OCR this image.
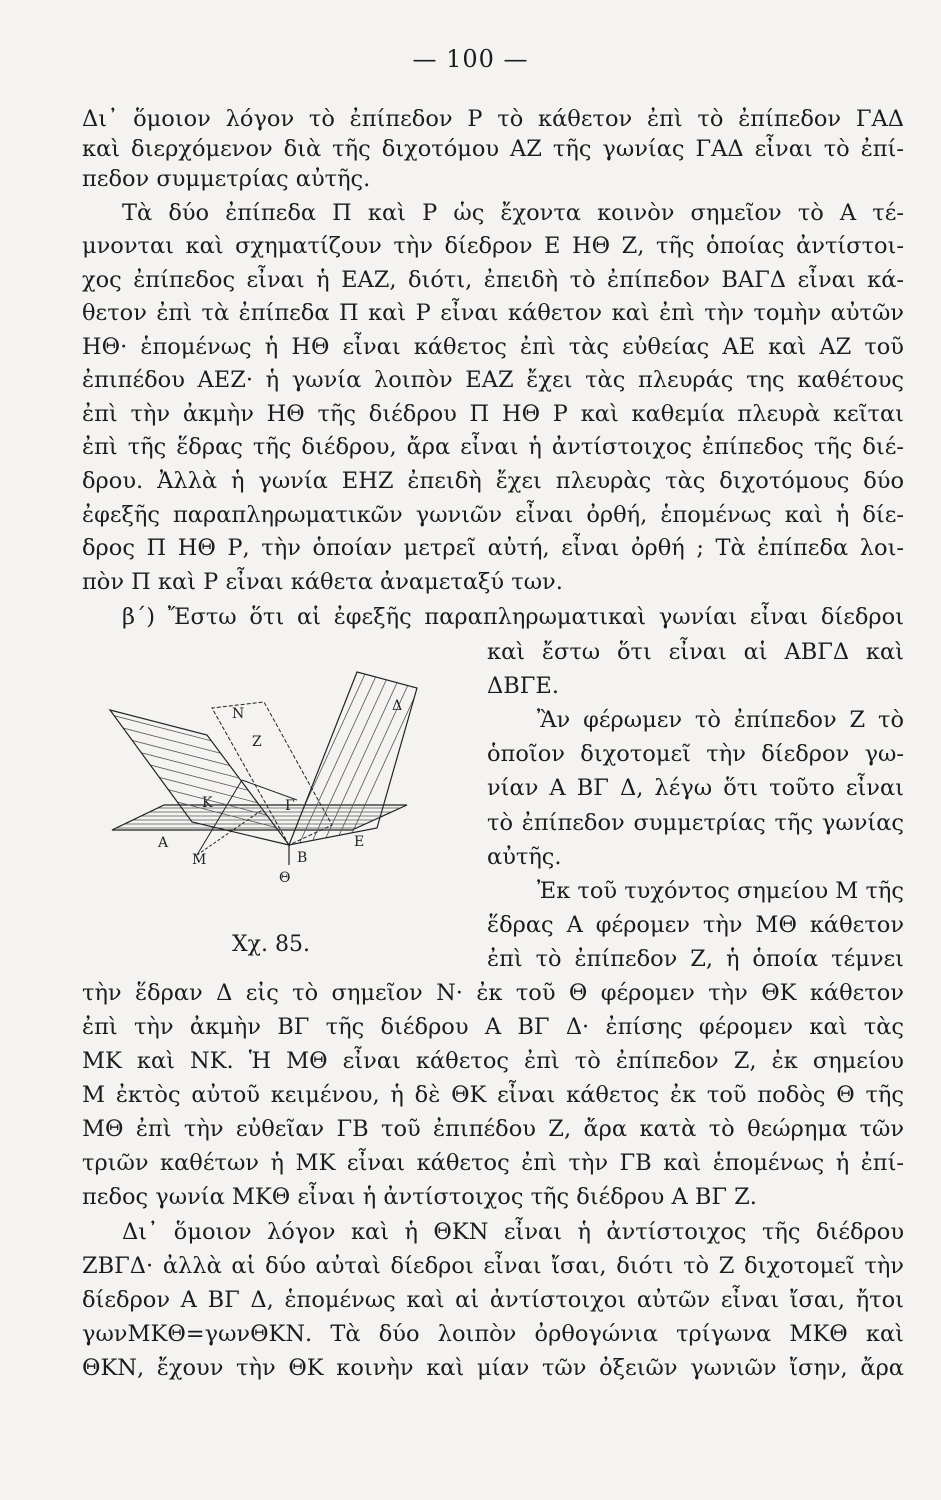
— 100 —
Δι᾿ ὅμοιον λόγον τὸ ἐπίπεδον Ρ τὸ κάθετον ἐπὶ τὸ ἐπίπεδον ΓΑΔ
καὶ διερχόμενον διὰ τῆς διχοτόμου ΑΖ τῆς γωνίας ΓΑΔ εἶναι τὸ ἐπί-
πεδον συμμετρίας αὐτῆς.
Τὰ δύο ἐπίπεδα Π καὶ Ρ ὡς ἔχοντα κοινὸν σημεῖον τὸ Α τέ-
μνονται καὶ σχηματίζουν τὴν δίεδρον Ε ΗΘ Ζ, τῆς ὁποίας ἀντίστοι-
χος ἐπίπεδος εἶναι ἡ ΕΑΖ, διότι, ἐπειδὴ τὸ ἐπίπεδον ΒΑΓΔ εἶναι κά-
θετον ἐπὶ τὰ ἐπίπεδα Π καὶ Ρ εἶναι κάθετον καὶ ἐπὶ τὴν τομὴν αὐτῶν
ΗΘ· ἑπομένως ἡ ΗΘ εἶναι κάθετος ἐπὶ τὰς εὐθείας ΑΕ καὶ ΑΖ τοῦ
ἐπιπέδου ΑΕΖ· ἡ γωνία λοιπὸν ΕΑΖ ἔχει τὰς πλευράς της καθέτους
ἐπὶ τὴν ἀκμὴν ΗΘ τῆς διέδρου Π ΗΘ Ρ καὶ καθεμία πλευρὰ κεῖται
ἐπὶ τῆς ἕδρας τῆς διέδρου, ἄρα εἶναι ἡ ἀντίστοιχος ἐπίπεδος τῆς διέ-
δρου. Ἀλλὰ ἡ γωνία ΕΗΖ ἐπειδὴ ἔχει πλευρὰς τὰς διχοτόμους δύο
ἐφεξῆς παραπληρωματικῶν γωνιῶν εἶναι ὀρθή, ἑπομένως καὶ ἡ δίε-
δρος Π ΗΘ Ρ, τὴν ὁποίαν μετρεῖ αὐτή, εἶναι ὀρθή ; Τὰ ἐπίπεδα λοι-
πὸν Π καὶ Ρ εἶναι κάθετα ἀναμεταξύ των.
β΄) Ἔστω ὅτι αἱ ἐφεξῆς παραπληρωματικαὶ γωνίαι εἶναι δίεδροι
καὶ ἔστω ὅτι εἶναι αἱ ΑΒΓΔ καὶ
ΔΒΓΕ.
Ἂν φέρωμεν τὸ ἐπίπεδον Ζ τὸ
ὁποῖον διχοτομεῖ τὴν δίεδρον γω-
νίαν Α ΒΓ Δ, λέγω ὅτι τοῦτο εἶναι
τὸ ἐπίπεδον συμμετρίας τῆς γωνίας
αὐτῆς.
Ἐκ τοῦ τυχόντος σημείου Μ τῆς
ἕδρας Α φέρομεν τὴν ΜΘ κάθετον
ἐπὶ τὸ ἐπίπεδον Ζ, ἡ ὁποία τέμνει
Α
Μ
Θ
Γ
Κ
Ν
Ε
Β
Ζ
Δ
Χχ. 85.
τὴν ἕδραν Δ εἰς τὸ σημεῖον Ν· ἐκ τοῦ Θ φέρομεν τὴν ΘΚ κάθετον
ἐπὶ τὴν ἀκμὴν ΒΓ τῆς διέδρου Α ΒΓ Δ· ἐπίσης φέρομεν καὶ τὰς
ΜΚ καὶ ΝΚ. Ἡ ΜΘ εἶναι κάθετος ἐπὶ τὸ ἐπίπεδον Ζ, ἐκ σημείου
Μ ἐκτὸς αὐτοῦ κειμένου, ἡ δὲ ΘΚ εἶναι κάθετος ἐκ τοῦ ποδὸς Θ τῆς
ΜΘ ἐπὶ τὴν εὐθεῖαν ΓΒ τοῦ ἐπιπέδου Ζ, ἄρα κατὰ τὸ θεώρημα τῶν
τριῶν καθέτων ἡ ΜΚ εἶναι κάθετος ἐπὶ τὴν ΓΒ καὶ ἑπομένως ἡ ἐπί-
πεδος γωνία ΜΚΘ εἶναι ἡ ἀντίστοιχος τῆς διέδρου Α ΒΓ Ζ.
Δι᾿ ὅμοιον λόγον καὶ ἡ ΘΚΝ εἶναι ἡ ἀντίστοιχος τῆς διέδρου
ΖΒΓΔ· ἀλλὰ αἱ δύο αὐταὶ δίεδροι εἶναι ἴσαι, διότι τὸ Ζ διχοτομεῖ τὴν
δίεδρον Α ΒΓ Δ, ἑπομένως καὶ αἱ ἀντίστοιχοι αὐτῶν εἶναι ἴσαι, ἤτοι
γωνΜΚΘ=γωνΘΚΝ. Τὰ δύο λοιπὸν ὀρθογώνια τρίγωνα ΜΚΘ καὶ
ΘΚΝ, ἔχουν τὴν ΘΚ κοινὴν καὶ μίαν τῶν ὀξειῶν γωνιῶν ἴσην, ἄρα
